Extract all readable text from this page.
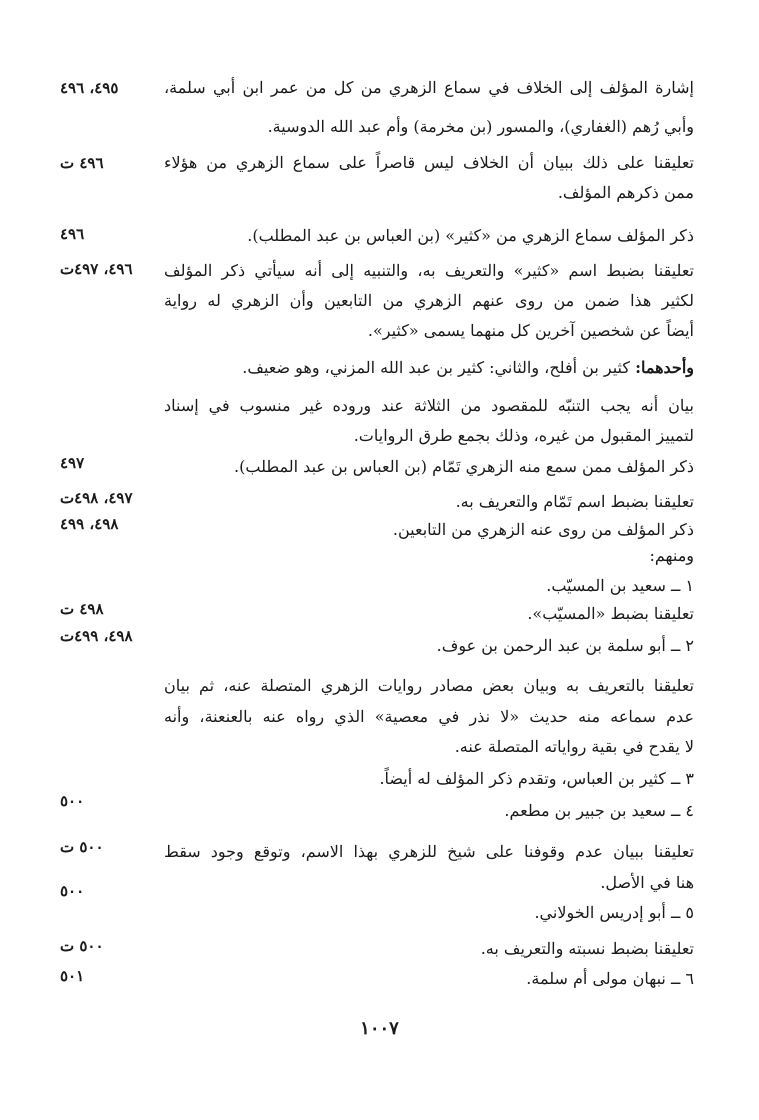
إشارة المؤلف إلى الخلاف في سماع الزهري من كل من عمر ابن أبي سلمة،
وأبي رُهم (الغفاري)، والمسور (بن مخرمة) وأم عبد الله الدوسية.
تعليقنا على ذلك ببيان أن الخلاف ليس قاصراً على سماع الزهري من هؤلاء
ممن ذكرهم المؤلف.
ذكر المؤلف سماع الزهري من «كثير» (بن العباس بن عبد المطلب).
تعليقنا بضبط اسم «كثير» والتعريف به، والتنبيه إلى أنه سيأتي ذكر المؤلف
لكثير هذا ضمن من روى عنهم الزهري من التابعين وأن الزهري له رواية
أيضاً عن شخصين آخرين كل منهما يسمى «كثير».
وأحدهما: كثير بن أفلح، والثاني: كثير بن عبد الله المزني، وهو ضعيف.
بيان أنه يجب التنبّه للمقصود من الثلاثة عند وروده غير منسوب في إسناد
لتمييز المقبول من غيره، وذلك بجمع طرق الروايات.
ذكر المؤلف ممن سمع منه الزهري تَمّام (بن العباس بن عبد المطلب).
تعليقنا بضبط اسم تَمّام والتعريف به.
ذكر المؤلف من روى عنه الزهري من التابعين.
ومنهم:
١ ــ سعيد بن المسيّب.
تعليقنا بضبط «المسيّب».
٢ ــ أبو سلمة بن عبد الرحمن بن عوف.
تعليقنا بالتعريف به وبيان بعض مصادر روايات الزهري المتصلة عنه، ثم بيان
عدم سماعه منه حديث «لا نذر في معصية» الذي رواه عنه بالعنعنة، وأنه
لا يقدح في بقية رواياته المتصلة عنه.
٣ ــ كثير بن العباس، وتقدم ذكر المؤلف له أيضاً.
٤ ــ سعيد بن جبير بن مطعم.
تعليقنا ببيان عدم وقوفنا على شيخ للزهري بهذا الاسم، وتوقع وجود سقط
هنا في الأصل.
٥ ــ أبو إدريس الخولاني.
تعليقنا بضبط نسبته والتعريف به.
٦ ــ نبهان مولى أم سلمة.
٤٩٥، ٤٩٦
٤٩٦ ت
٤٩٦
٤٩٦، ٤٩٧ت
٤٩٧
٤٩٧، ٤٩٨ت
٤٩٨، ٤٩٩
٤٩٨ ت
٤٩٨، ٤٩٩ت
٥٠٠
٥٠٠ ت
٥٠٠
٥٠٠ ت
٥٠١
١٠٠٧
